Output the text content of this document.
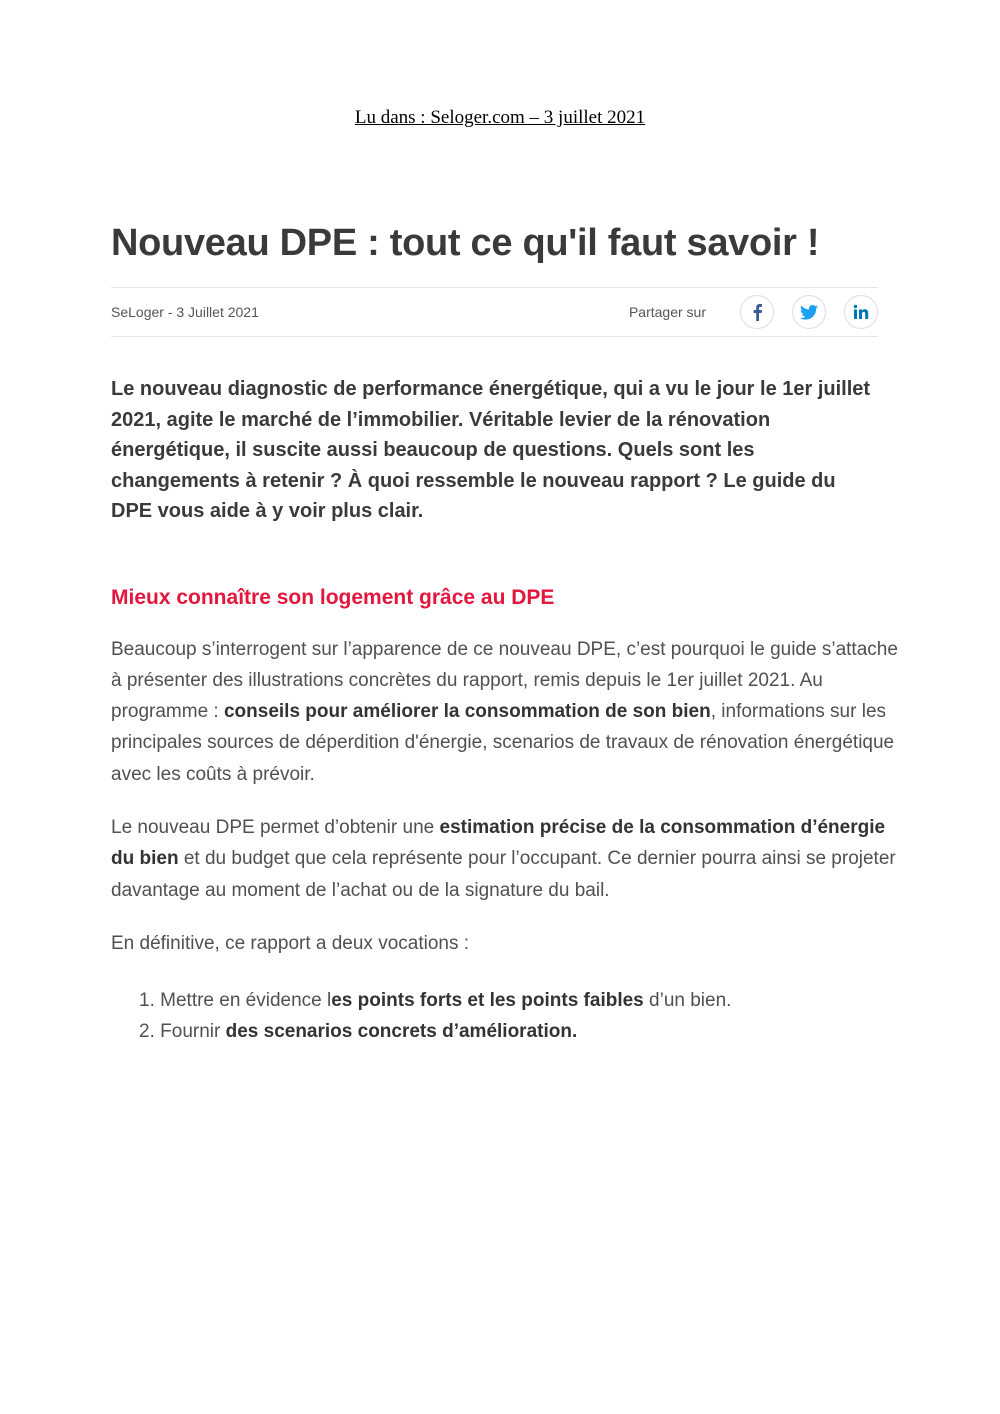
Lu dans : Seloger.com – 3 juillet 2021
Nouveau DPE : tout ce qu'il faut savoir !
SeLoger - 3 Juillet 2021	Partager sur

Le nouveau diagnostic de performance énergétique, qui a vu le jour le 1er juillet 2021, agite le marché de l’immobilier. Véritable levier de la rénovation énergétique, il suscite aussi beaucoup de questions. Quels sont les changements à retenir ? À quoi ressemble le nouveau rapport ? Le guide du DPE vous aide à y voir plus clair.

Mieux connaître son logement grâce au DPE

Beaucoup s’interrogent sur l’apparence de ce nouveau DPE, c’est pourquoi le guide s’attache à présenter des illustrations concrètes du rapport, remis depuis le 1er juillet 2021. Au programme : conseils pour améliorer la consommation de son bien, informations sur les principales sources de déperdition d'énergie, scenarios de travaux de rénovation énergétique avec les coûts à prévoir.

Le nouveau DPE permet d’obtenir une estimation précise de la consommation d’énergie du bien et du budget que cela représente pour l’occupant. Ce dernier pourra ainsi se projeter davantage au moment de l’achat ou de la signature du bail.

En définitive, ce rapport a deux vocations :

1. Mettre en évidence les points forts et les points faibles d’un bien.
2. Fournir des scenarios concrets d’amélioration.
